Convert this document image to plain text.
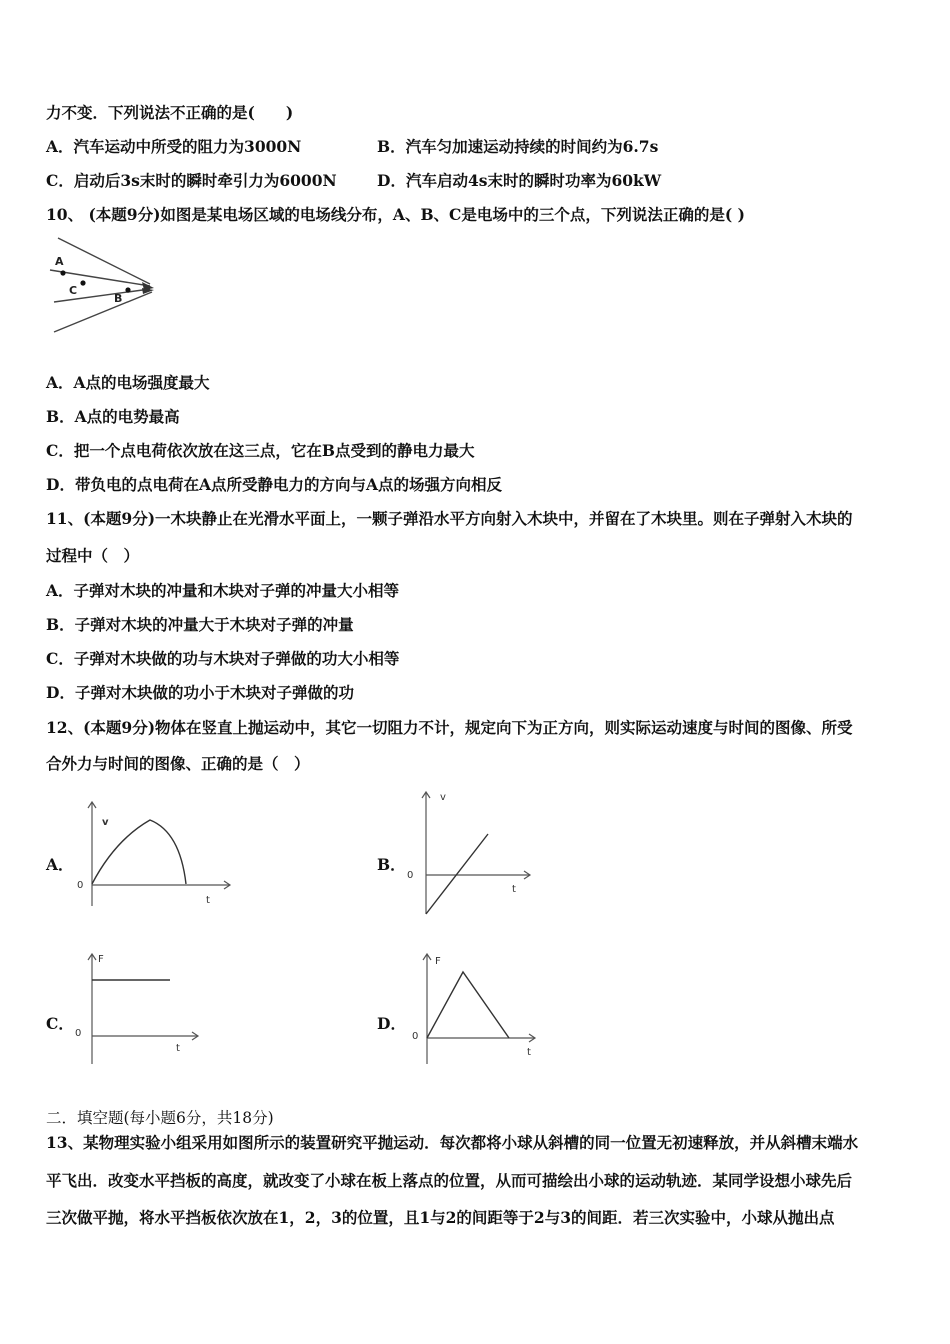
力不变．下列说法不正确的是(　　)
A．汽车运动中所受的阻力为3000N	B．汽车匀加速运动持续的时间约为6.7s
C．启动后3s末时的瞬时牵引力为6000N	D．汽车启动4s末时的瞬时功率为60kW
10、 (本题9分)如图是某电场区域的电场线分布，A、B、C是电场中的三个点，下列说法正确的是( )
A
C
B
A．A点的电场强度最大
B．A点的电势最高
C．把一个点电荷依次放在这三点，它在B点受到的静电力最大
D．带负电的点电荷在A点所受静电力的方向与A点的场强方向相反
11、(本题9分)一木块静止在光滑水平面上，一颗子弹沿水平方向射入木块中，并留在了木块里。则在子弹射入木块的
过程中（　）
A．子弹对木块的冲量和木块对子弹的冲量大小相等
B．子弹对木块的冲量大于木块对子弹的冲量
C．子弹对木块做的功与木块对子弹做的功大小相等
D．子弹对木块做的功小于木块对子弹做的功
12、(本题9分)物体在竖直上抛运动中，其它一切阻力不计，规定向下为正方向，则实际运动速度与时间的图像、所受
合外力与时间的图像、正确的是（　）
A．
v
0
t
B．
v
0
t
C．
F
0
t
D．
F
0
t
二．填空题(每小题6分，共18分)
13、某物理实验小组采用如图所示的装置研究平抛运动．每次都将小球从斜槽的同一位置无初速释放，并从斜槽末端水
平飞出．改变水平挡板的高度，就改变了小球在板上落点的位置，从而可描绘出小球的运动轨迹．某同学设想小球先后
三次做平抛，将水平挡板依次放在1，2，3的位置，且1与2的间距等于2与3的间距．若三次实验中，小球从抛出点
